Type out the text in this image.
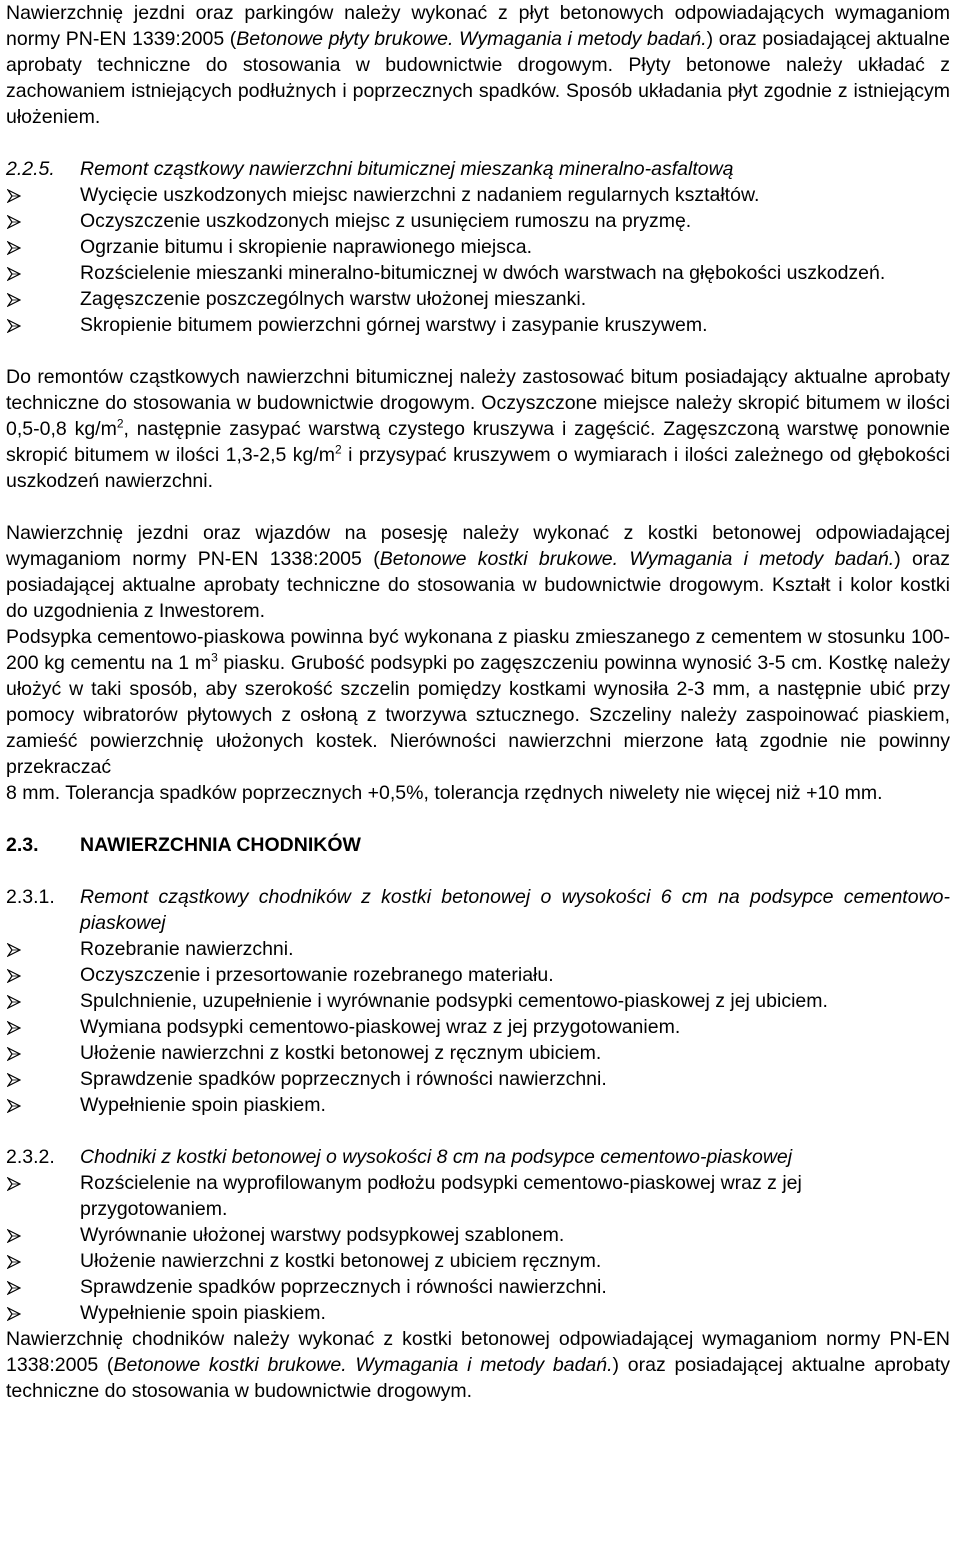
Nawierzchnię jezdni oraz parkingów należy wykonać z płyt betonowych odpowiadających wymaganiom normy PN-EN 1339:2005 (Betonowe płyty brukowe. Wymagania i metody badań.) oraz posiadającej aktualne aprobaty techniczne do stosowania w budownictwie drogowym. Płyty betonowe należy układać z zachowaniem istniejących podłużnych i poprzecznych spadków. Sposób układania płyt zgodnie z istniejącym ułożeniem.

2.2.5.	Remont cząstkowy nawierzchni bitumicznej mieszanką mineralno-asfaltową
Wycięcie uszkodzonych miejsc nawierzchni z nadaniem regularnych kształtów.
Oczyszczenie uszkodzonych miejsc z usunięciem rumoszu na pryzmę.
Ogrzanie bitumu i skropienie naprawionego miejsca.
Rozścielenie mieszanki mineralno-bitumicznej w dwóch warstwach na głębokości uszkodzeń.
Zagęszczenie poszczególnych warstw ułożonej mieszanki.
Skropienie bitumem powierzchni górnej warstwy i zasypanie kruszywem.

Do remontów cząstkowych nawierzchni bitumicznej należy zastosować bitum posiadający aktualne aprobaty techniczne do stosowania w budownictwie drogowym. Oczyszczone miejsce należy skropić bitumem w ilości 0,5-0,8 $kg/m^2$, następnie zasypać warstwą czystego kruszywa i zagęścić. Zagęszczoną warstwę ponownie skropić bitumem w ilości 1,3-2,5 $kg/m^2$ i przysypać kruszywem o wymiarach i ilości zależnego od głębokości uszkodzeń nawierzchni.

Nawierzchnię jezdni oraz wjazdów na posesję należy wykonać z kostki betonowej odpowiadającej wymaganiom normy PN-EN 1338:2005 (Betonowe kostki brukowe. Wymagania i metody badań.) oraz posiadającej aktualne aprobaty techniczne do stosowania w budownictwie drogowym. Kształt i kolor kostki do uzgodnienia z Inwestorem.

Podsypka cementowo-piaskowa powinna być wykonana z piasku zmieszanego z cementem w stosunku 100-200 kg cementu na 1 $m^3$ piasku. Grubość podsypki po zagęszczeniu powinna wynosić 3-5 cm. Kostkę należy ułożyć w taki sposób, aby szerokość szczelin pomiędzy kostkami wynosiła 2-3 mm, a następnie ubić przy pomocy wibratorów płytowych z osłoną z tworzywa sztucznego. Szczeliny należy zaspoinować piaskiem, zamieść powierzchnię ułożonych kostek. Nierówności nawierzchni mierzone łatą zgodnie nie powinny przekraczać

8 mm. Tolerancja spadków poprzecznych +0,5%, tolerancja rzędnych niwelety nie więcej niż +10 mm.

2.3.	NAWIERZCHNIA CHODNIKÓW
2.3.1.	Remont cząstkowy chodników z kostki betonowej o wysokości 6 cm na podsypce cementowo-piaskowej
Rozebranie nawierzchni.
Oczyszczenie i przesortowanie rozebranego materiału.
Spulchnienie, uzupełnienie i wyrównanie podsypki cementowo-piaskowej z jej ubiciem.
Wymiana podsypki cementowo-piaskowej wraz z jej przygotowaniem.
Ułożenie nawierzchni z kostki betonowej z ręcznym ubiciem.
Sprawdzenie spadków poprzecznych i równości nawierzchni.
Wypełnienie spoin piaskiem.
2.3.2.	Chodniki z kostki betonowej o wysokości 8 cm na podsypce cementowo-piaskowej
Rozścielenie na wyprofilowanym podłożu podsypki cementowo-piaskowej wraz z jej przygotowaniem.
Wyrównanie ułożonej warstwy podsypkowej szablonem.
Ułożenie nawierzchni z kostki betonowej z ubiciem ręcznym.
Sprawdzenie spadków poprzecznych i równości nawierzchni.
Wypełnienie spoin piaskiem.

Nawierzchnię chodników należy wykonać z kostki betonowej odpowiadającej wymaganiom normy PN-EN 1338:2005 (Betonowe kostki brukowe. Wymagania i metody badań.) oraz posiadającej aktualne aprobaty techniczne do stosowania w budownictwie drogowym.
